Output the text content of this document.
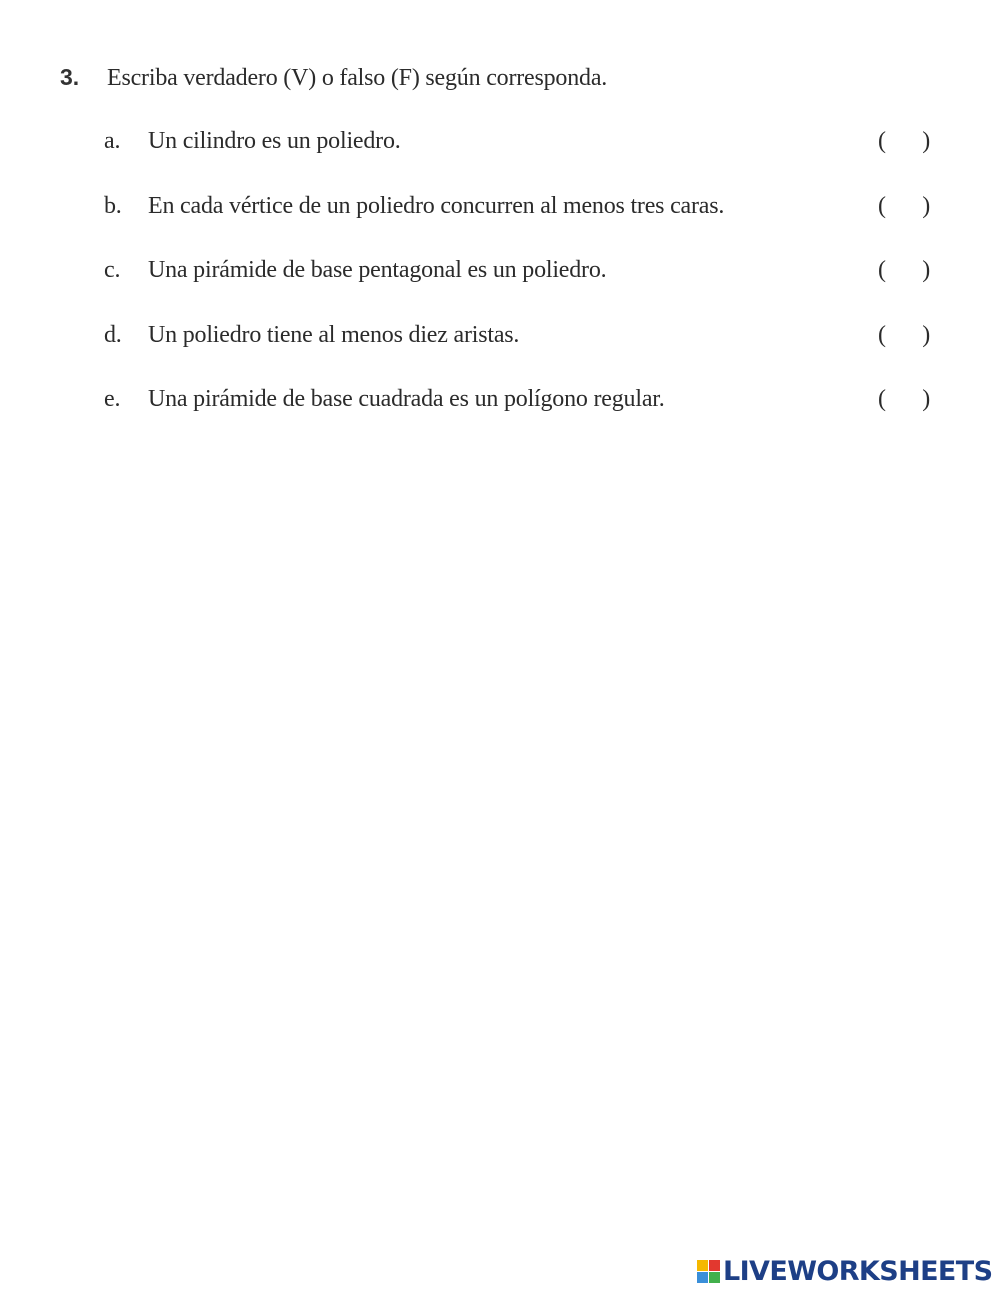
3.	Escriba verdadero (V) o falso (F) según corresponda.
a.	Un cilindro es un poliedro.	( )
b.	En cada vértice de un poliedro concurren al menos tres caras.	( )
c.	Una pirámide de base pentagonal es un poliedro.	( )
d.	Un poliedro tiene al menos diez aristas.	( )
e.	Una pirámide de base cuadrada es un polígono regular.	( )
LIVEWORKSHEETS
